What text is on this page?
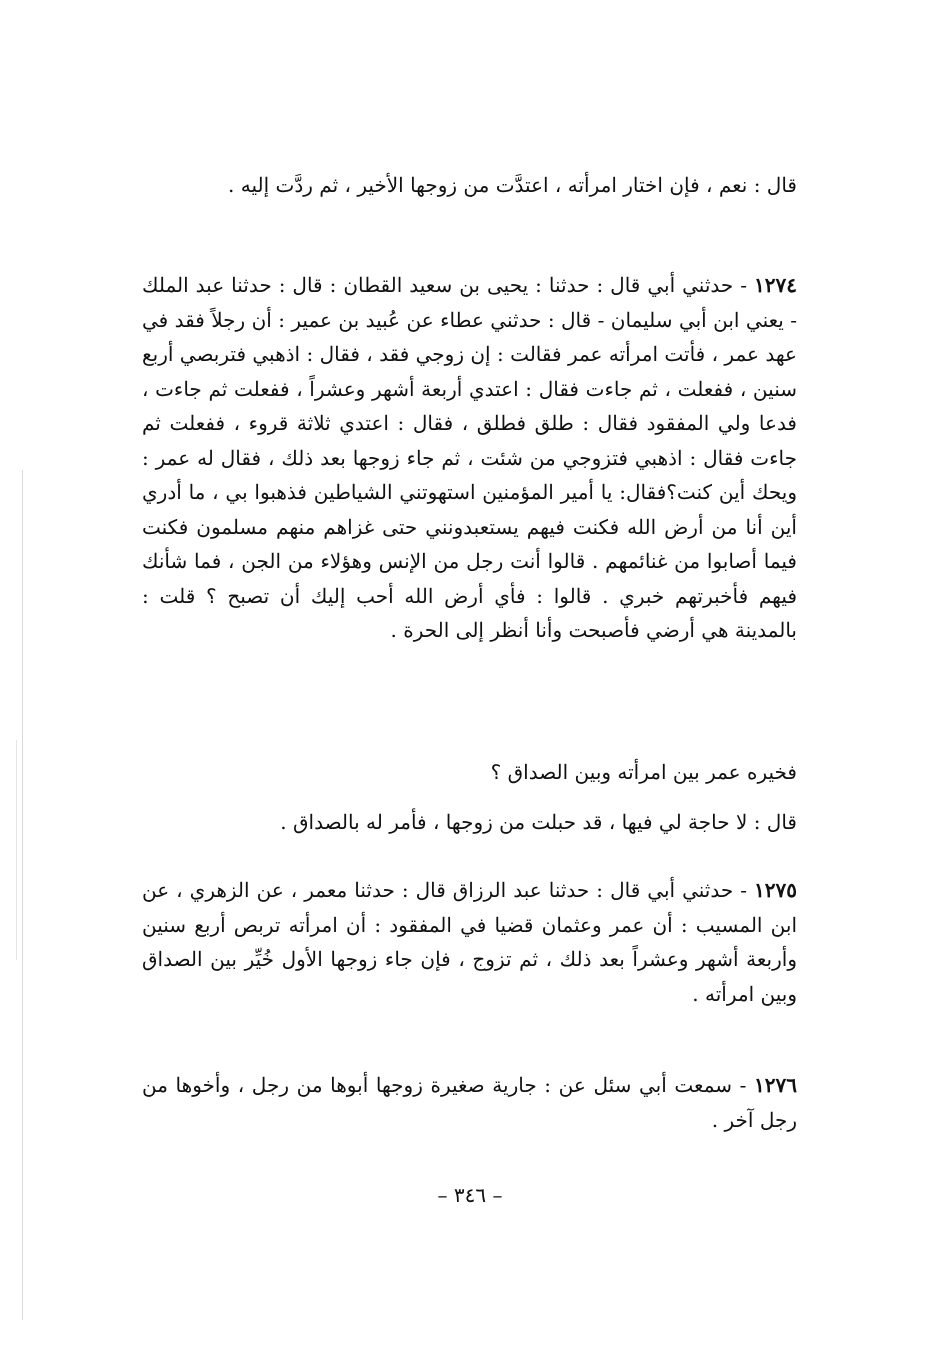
قال : نعم ، فإن اختار امرأته ، اعتدَّت من زوجها الأخير ، ثم ردَّت إليه .

١٢٧٤ - حدثني أبي قال : حدثنا : يحيى بن سعيد القطان : قال : حدثنا عبد الملك - يعني ابن أبي سليمان - قال : حدثني عطاء عن عُبيد بن عمير : أن رجلاً فقد في عهد عمر ، فأتت امرأته عمر فقالت : إن زوجي فقد ، فقال : اذهبي فتربصي أربع سنين ، ففعلت ، ثم جاءت فقال : اعتدي أربعة أشهر وعشراً ، ففعلت ثم جاءت ، فدعا ولي المفقود فقال : طلق فطلق ، فقال : اعتدي ثلاثة قروء ، ففعلت ثم جاءت فقال : اذهبي فتزوجي من شئت ، ثم جاء زوجها بعد ذلك ، فقال له عمر : ويحك أين كنت؟فقال: يا أمير المؤمنين استهوتني الشياطين فذهبوا بي ، ما أدري أين أنا من أرض الله فكنت فيهم يستعبدونني حتى غزاهم منهم مسلمون فكنت فيما أصابوا من غنائمهم . قالوا أنت رجل من الإنس وهؤلاء من الجن ، فما شأنك فيهم فأخبرتهم خبري . قالوا : فأي أرض الله أحب إليك أن تصبح ؟ قلت : بالمدينة هي أرضي فأصبحت وأنا أنظر إلى الحرة .

فخيره عمر بين امرأته وبين الصداق ؟

قال : لا حاجة لي فيها ، قد حبلت من زوجها ، فأمر له بالصداق .

١٢٧٥ - حدثني أبي قال : حدثنا عبد الرزاق قال : حدثنا معمر ، عن الزهري ، عن ابن المسيب : أن عمر وعثمان قضيا في المفقود : أن امرأته تربص أربع سنين وأربعة أشهر وعشراً بعد ذلك ، ثم تزوج ، فإن جاء زوجها الأول خُيِّر بين الصداق وبين امرأته .

١٢٧٦ - سمعت أبي سئل عن : جارية صغيرة زوجها أبوها من رجل ، وأخوها من رجل آخر .

– ٣٤٦ –
